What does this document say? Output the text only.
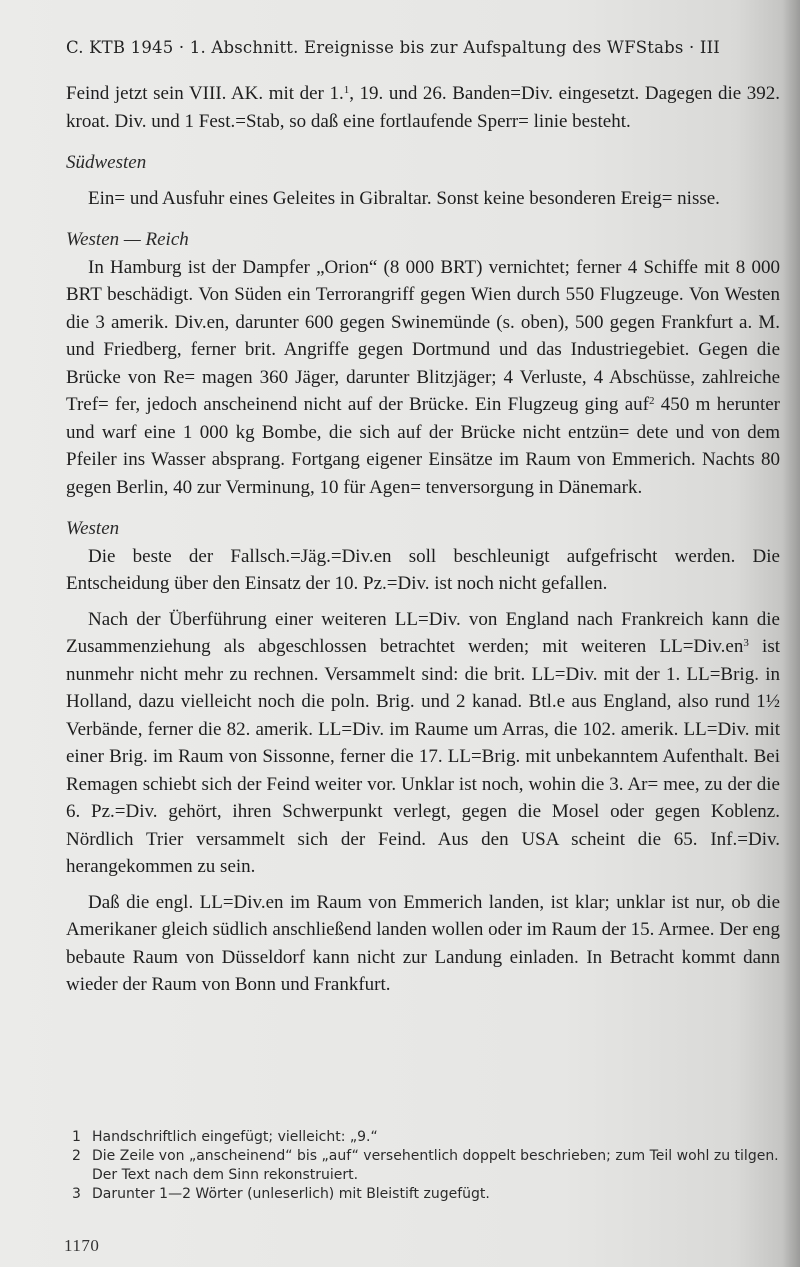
C. KTB 1945 · 1. Abschnitt. Ereignisse bis zur Aufspaltung des WFStabs · III

Feind jetzt sein VIII. AK. mit der 1.$^1$, 19. und 26. Banden=Div. eingesetzt. Dagegen die 392. kroat. Div. und 1 Fest.=Stab, so daß eine fortlaufende Sperr= linie besteht.

Südwesten

Ein= und Ausfuhr eines Geleites in Gibraltar. Sonst keine besonderen Ereig= nisse.

Westen — Reich

In Hamburg ist der Dampfer „Orion“ (8 000 BRT) vernichtet; ferner 4 Schiffe mit 8 000 BRT beschädigt. Von Süden ein Terrorangriff gegen Wien durch 550 Flugzeuge. Von Westen die 3 amerik. Div.en, darunter 600 gegen Swinemünde (s. oben), 500 gegen Frankfurt a. M. und Friedberg, ferner brit. Angriffe gegen Dortmund und das Industriegebiet. Gegen die Brücke von Re= magen 360 Jäger, darunter Blitzjäger; 4 Verluste, 4 Abschüsse, zahlreiche Tref= fer, jedoch anscheinend nicht auf der Brücke. Ein Flugzeug ging auf$^2$ 450 m herunter und warf eine 1 000 kg Bombe, die sich auf der Brücke nicht entzün= dete und von dem Pfeiler ins Wasser absprang. Fortgang eigener Einsätze im Raum von Emmerich. Nachts 80 gegen Berlin, 40 zur Verminung, 10 für Agen= tenversorgung in Dänemark.

Westen

Die beste der Fallsch.=Jäg.=Div.en soll beschleunigt aufgefrischt werden. Die Entscheidung über den Einsatz der 10. Pz.=Div. ist noch nicht gefallen.

Nach der Überführung einer weiteren LL=Div. von England nach Frankreich kann die Zusammenziehung als abgeschlossen betrachtet werden; mit weiteren $LL=Div.en^3$ ist nunmehr nicht mehr zu rechnen. Versammelt sind: die brit. LL=Div. mit der 1. LL=Brig. in Holland, dazu vielleicht noch die poln. Brig. und 2 kanad. Btl.e aus England, also rund 1½ Verbände, ferner die 82. amerik. LL=Div. im Raume um Arras, die 102. amerik. LL=Div. mit einer Brig. im Raum von Sissonne, ferner die 17. LL=Brig. mit unbekanntem Aufenthalt. Bei Remagen schiebt sich der Feind weiter vor. Unklar ist noch, wohin die 3. Ar= mee, zu der die 6. Pz.=Div. gehört, ihren Schwerpunkt verlegt, gegen die Mosel oder gegen Koblenz. Nördlich Trier versammelt sich der Feind. Aus den USA scheint die 65. Inf.=Div. herangekommen zu sein.

Daß die engl. LL=Div.en im Raum von Emmerich landen, ist klar; unklar ist nur, ob die Amerikaner gleich südlich anschließend landen wollen oder im Raum der 15. Armee. Der eng bebaute Raum von Düsseldorf kann nicht zur Landung einladen. In Betracht kommt dann wieder der Raum von Bonn und Frankfurt.

1 Handschriftlich eingefügt; vielleicht: „9.“

2 Die Zeile von „anscheinend“ bis „auf“ versehentlich doppelt beschrieben; zum Teil wohl zu tilgen. Der Text nach dem Sinn rekonstruiert.

3 Darunter 1—2 Wörter (unleserlich) mit Bleistift zugefügt.

1170
